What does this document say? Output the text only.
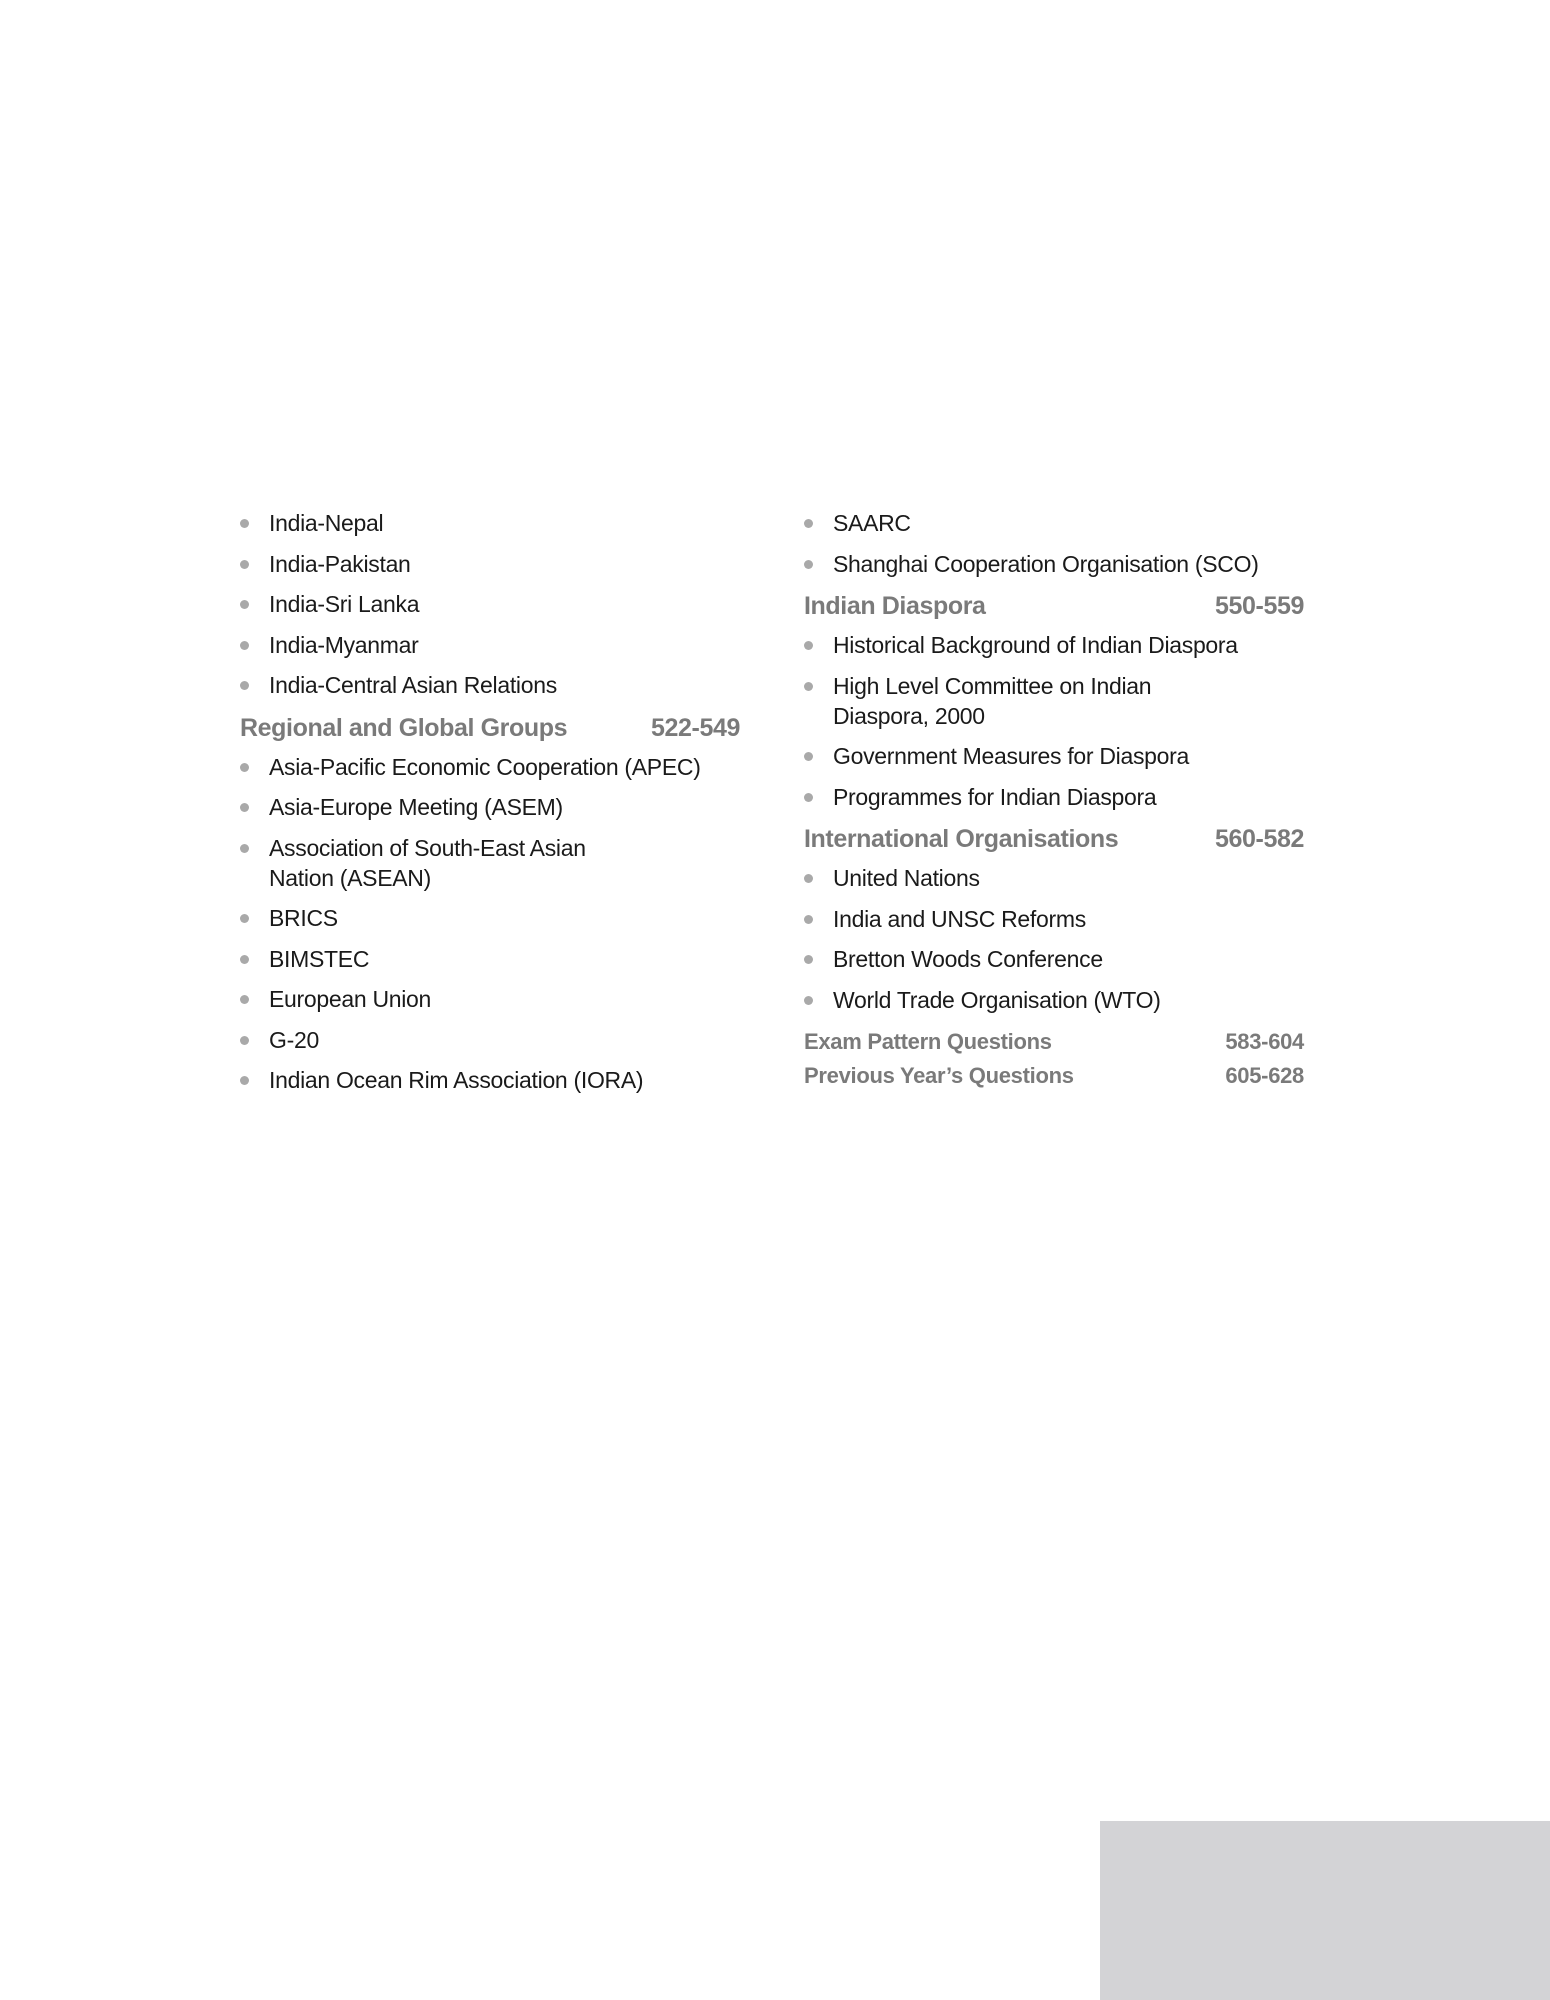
India-Nepal
India-Pakistan
India-Sri Lanka
India-Myanmar
India-Central Asian Relations
Regional and Global Groups	522-549
Asia-Pacific Economic Cooperation (APEC)
Asia-Europe Meeting (ASEM)
Association of South-East Asian Nation (ASEAN)
BRICS
BIMSTEC
European Union
G-20
Indian Ocean Rim Association (IORA)
SAARC
Shanghai Cooperation Organisation (SCO)
Indian Diaspora	550-559
Historical Background of Indian Diaspora
High Level Committee on Indian Diaspora, 2000
Government Measures for Diaspora
Programmes for Indian Diaspora
International Organisations	560-582
United Nations
India and UNSC Reforms
Bretton Woods Conference
World Trade Organisation (WTO)
Exam Pattern Questions	583-604
Previous Year’s Questions	605-628
